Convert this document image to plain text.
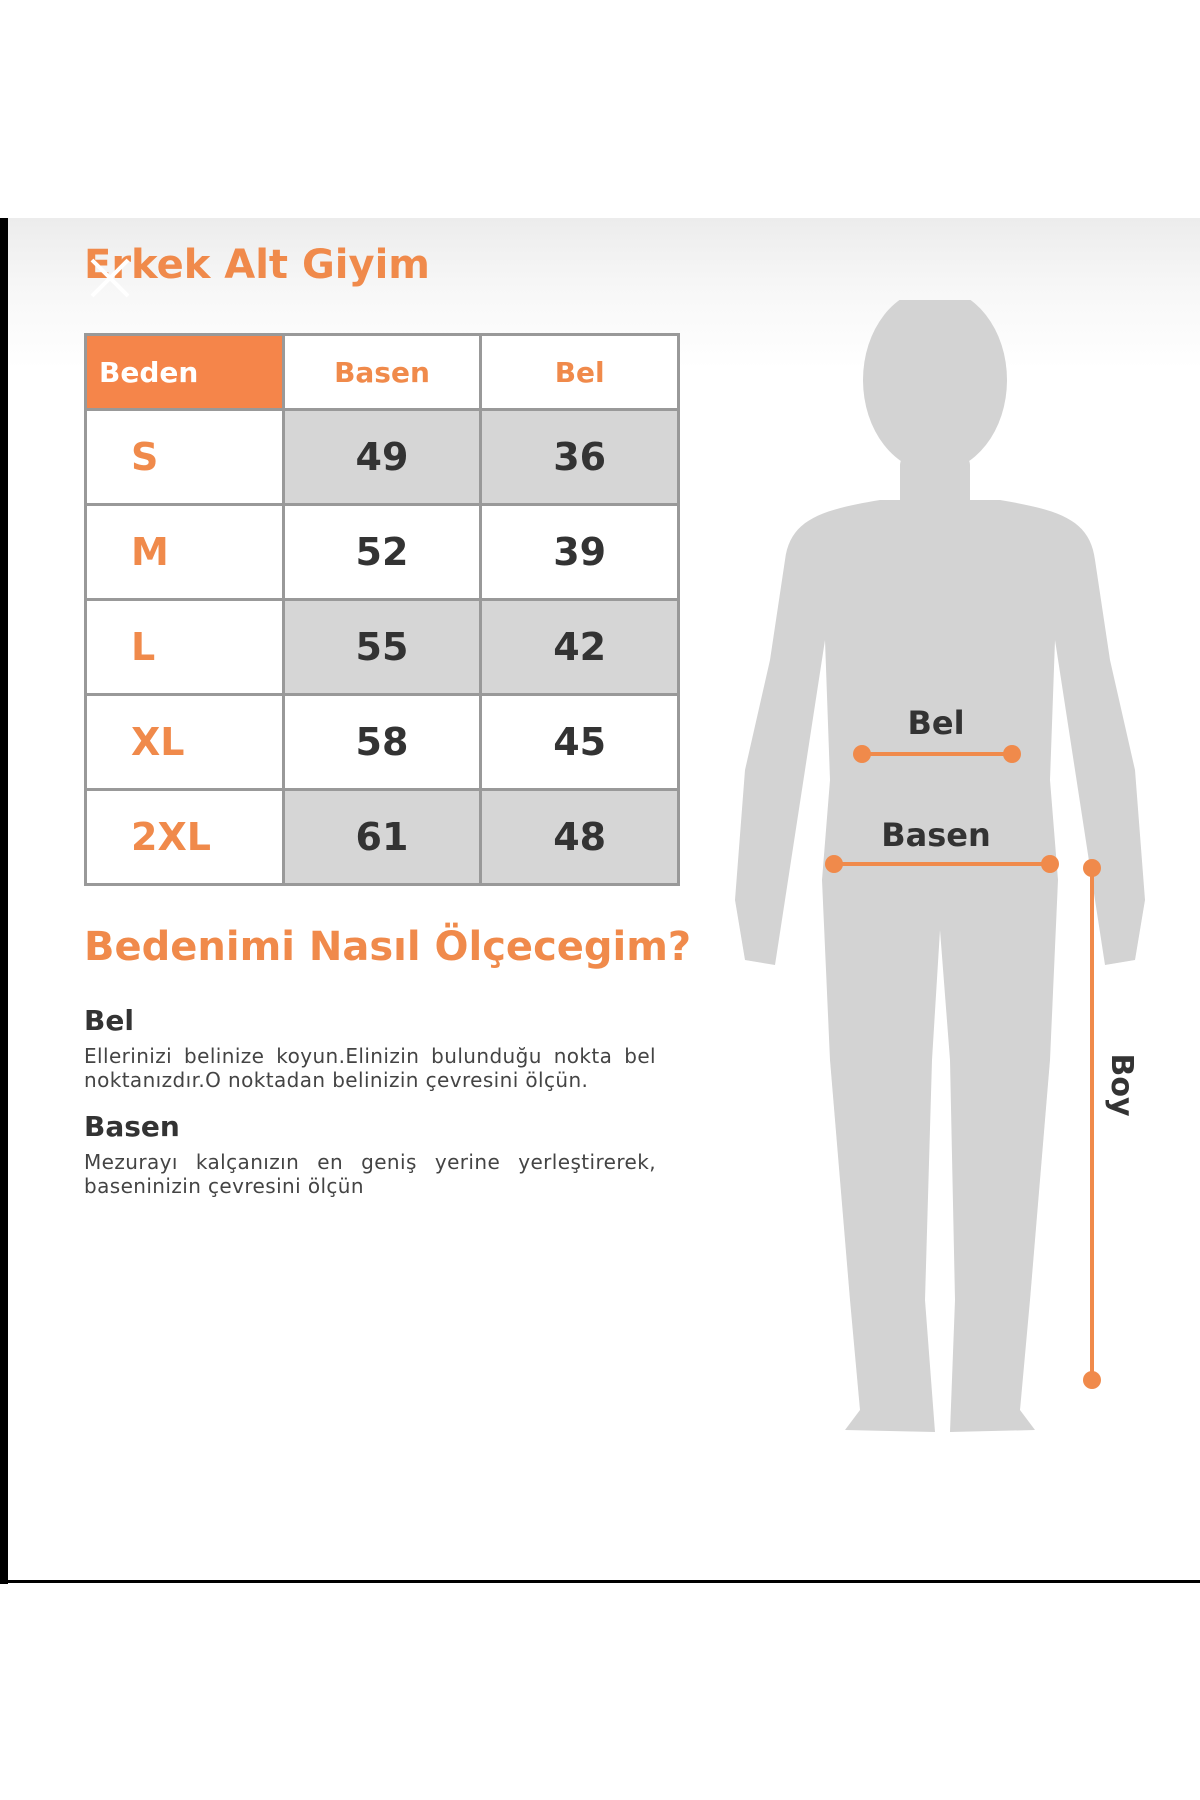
Erkek Alt Giyim
Beden	Basen	Bel
S	49	36
M	52	39
L	55	42
XL	58	45
2XL	61	48
Bedenimi Nasıl Ölçecegim?
Bel
Ellerinizi belinize koyun.Elinizin bulunduğu nokta bel noktanızdır.O noktadan belinizin çevresini ölçün.
Basen
Mezurayı kalçanızın en geniş yerine yerleştirerek, baseninizin çevresini ölçün
Bel
Basen
Boy
